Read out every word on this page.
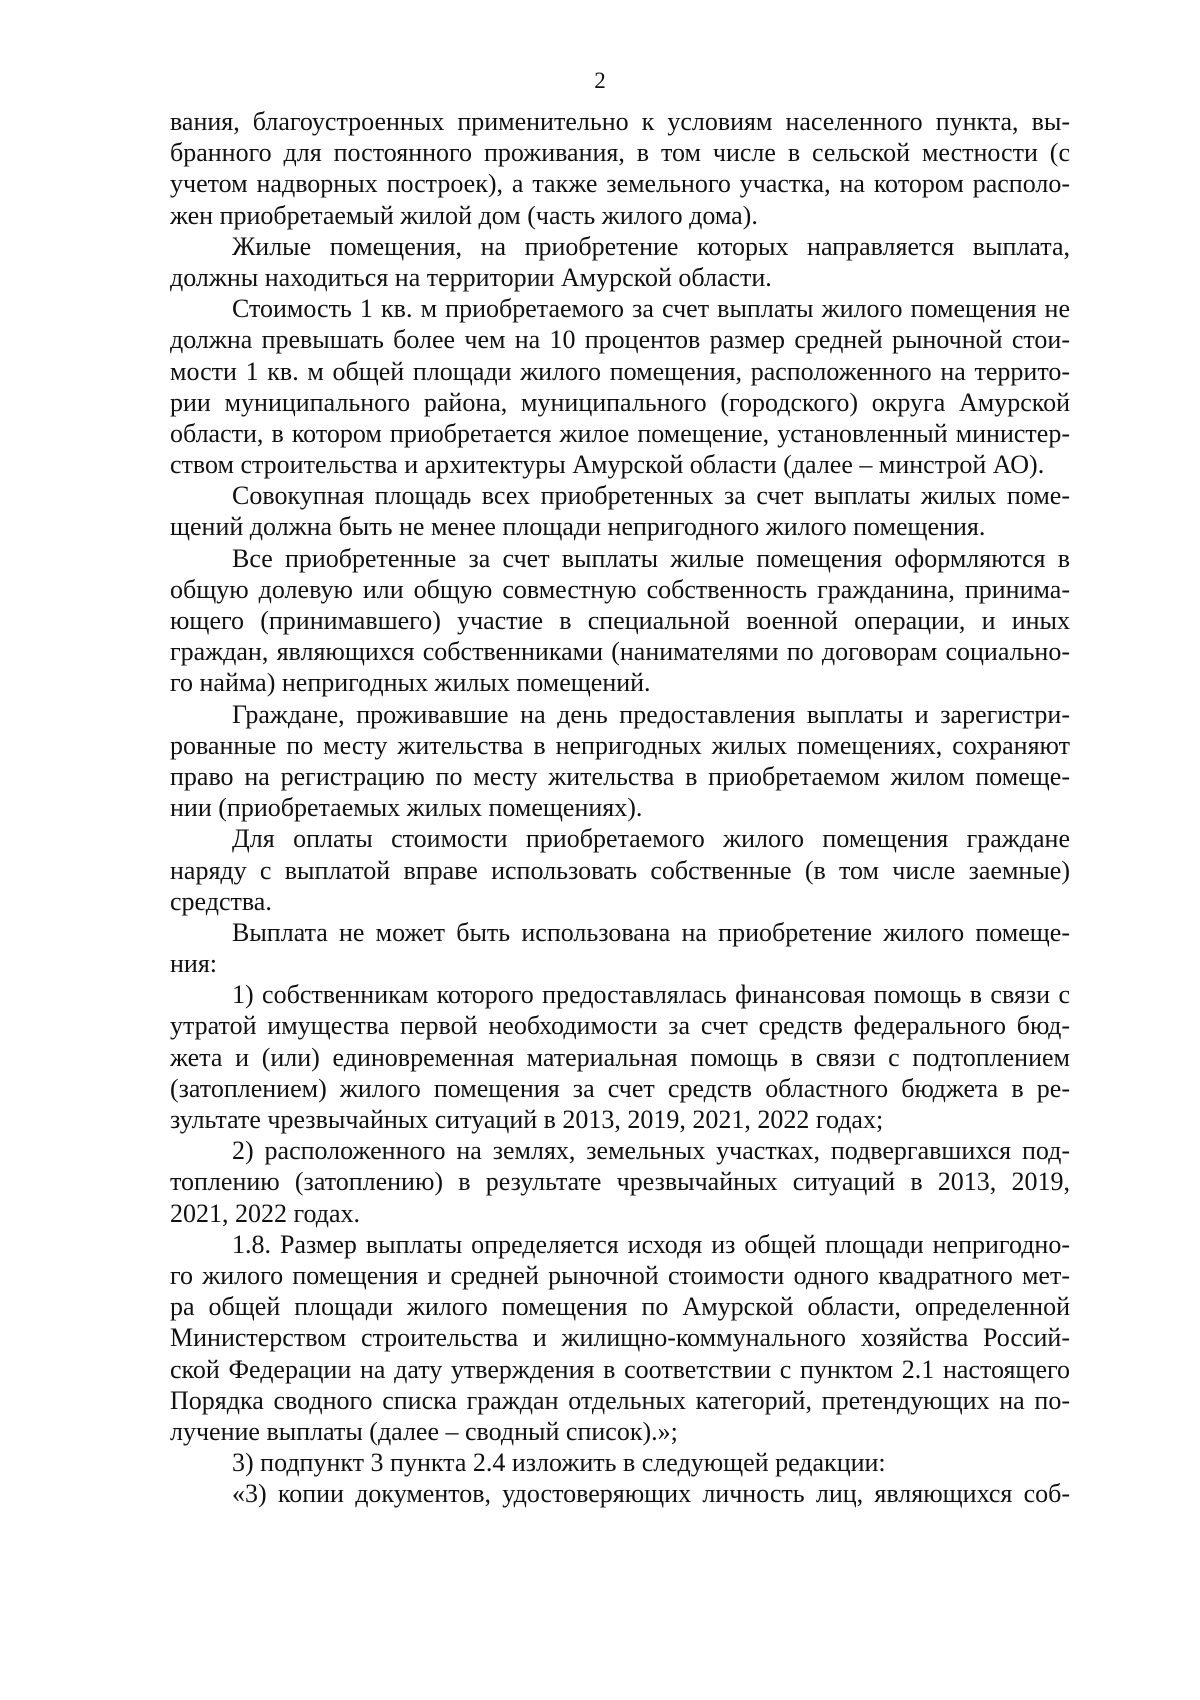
2
вания, благоустроенных применительно к условиям населенного пункта, вы-
бранного для постоянного проживания, в том числе в сельской местности (с
учетом надворных построек), а также земельного участка, на котором располо-
жен приобретаемый жилой дом (часть жилого дома).
Жилые помещения, на приобретение которых направляется выплата,
должны находиться на территории Амурской области.
Стоимость 1 кв. м приобретаемого за счет выплаты жилого помещения не
должна превышать более чем на 10 процентов размер средней рыночной стои-
мости 1 кв. м общей площади жилого помещения, расположенного на террито-
рии муниципального района, муниципального (городского) округа Амурской
области, в котором приобретается жилое помещение, установленный министер-
ством строительства и архитектуры Амурской области (далее – минстрой АО).
Совокупная площадь всех приобретенных за счет выплаты жилых поме-
щений должна быть не менее площади непригодного жилого помещения.
Все приобретенные за счет выплаты жилые помещения оформляются в
общую долевую или общую совместную собственность гражданина, принима-
ющего (принимавшего) участие в специальной военной операции, и иных
граждан, являющихся собственниками (нанимателями по договорам социально-
го найма) непригодных жилых помещений.
Граждане, проживавшие на день предоставления выплаты и зарегистри-
рованные по месту жительства в непригодных жилых помещениях, сохраняют
право на регистрацию по месту жительства в приобретаемом жилом помеще-
нии (приобретаемых жилых помещениях).
Для оплаты стоимости приобретаемого жилого помещения граждане
наряду с выплатой вправе использовать собственные (в том числе заемные)
средства.
Выплата не может быть использована на приобретение жилого помеще-
ния:
1) собственникам которого предоставлялась финансовая помощь в связи с
утратой имущества первой необходимости за счет средств федерального бюд-
жета и (или) единовременная материальная помощь в связи с подтоплением
(затоплением) жилого помещения за счет средств областного бюджета в ре-
зультате чрезвычайных ситуаций в 2013, 2019, 2021, 2022 годах;
2) расположенного на землях, земельных участках, подвергавшихся под-
топлению (затоплению) в результате чрезвычайных ситуаций в 2013, 2019,
2021, 2022 годах.
1.8. Размер выплаты определяется исходя из общей площади непригодно-
го жилого помещения и средней рыночной стоимости одного квадратного мет-
ра общей площади жилого помещения по Амурской области, определенной
Министерством строительства и жилищно-коммунального хозяйства Россий-
ской Федерации на дату утверждения в соответствии с пунктом 2.1 настоящего
Порядка сводного списка граждан отдельных категорий, претендующих на по-
лучение выплаты (далее – сводный список).»;
3) подпункт 3 пункта 2.4 изложить в следующей редакции:
«3) копии документов, удостоверяющих личность лиц, являющихся соб-
